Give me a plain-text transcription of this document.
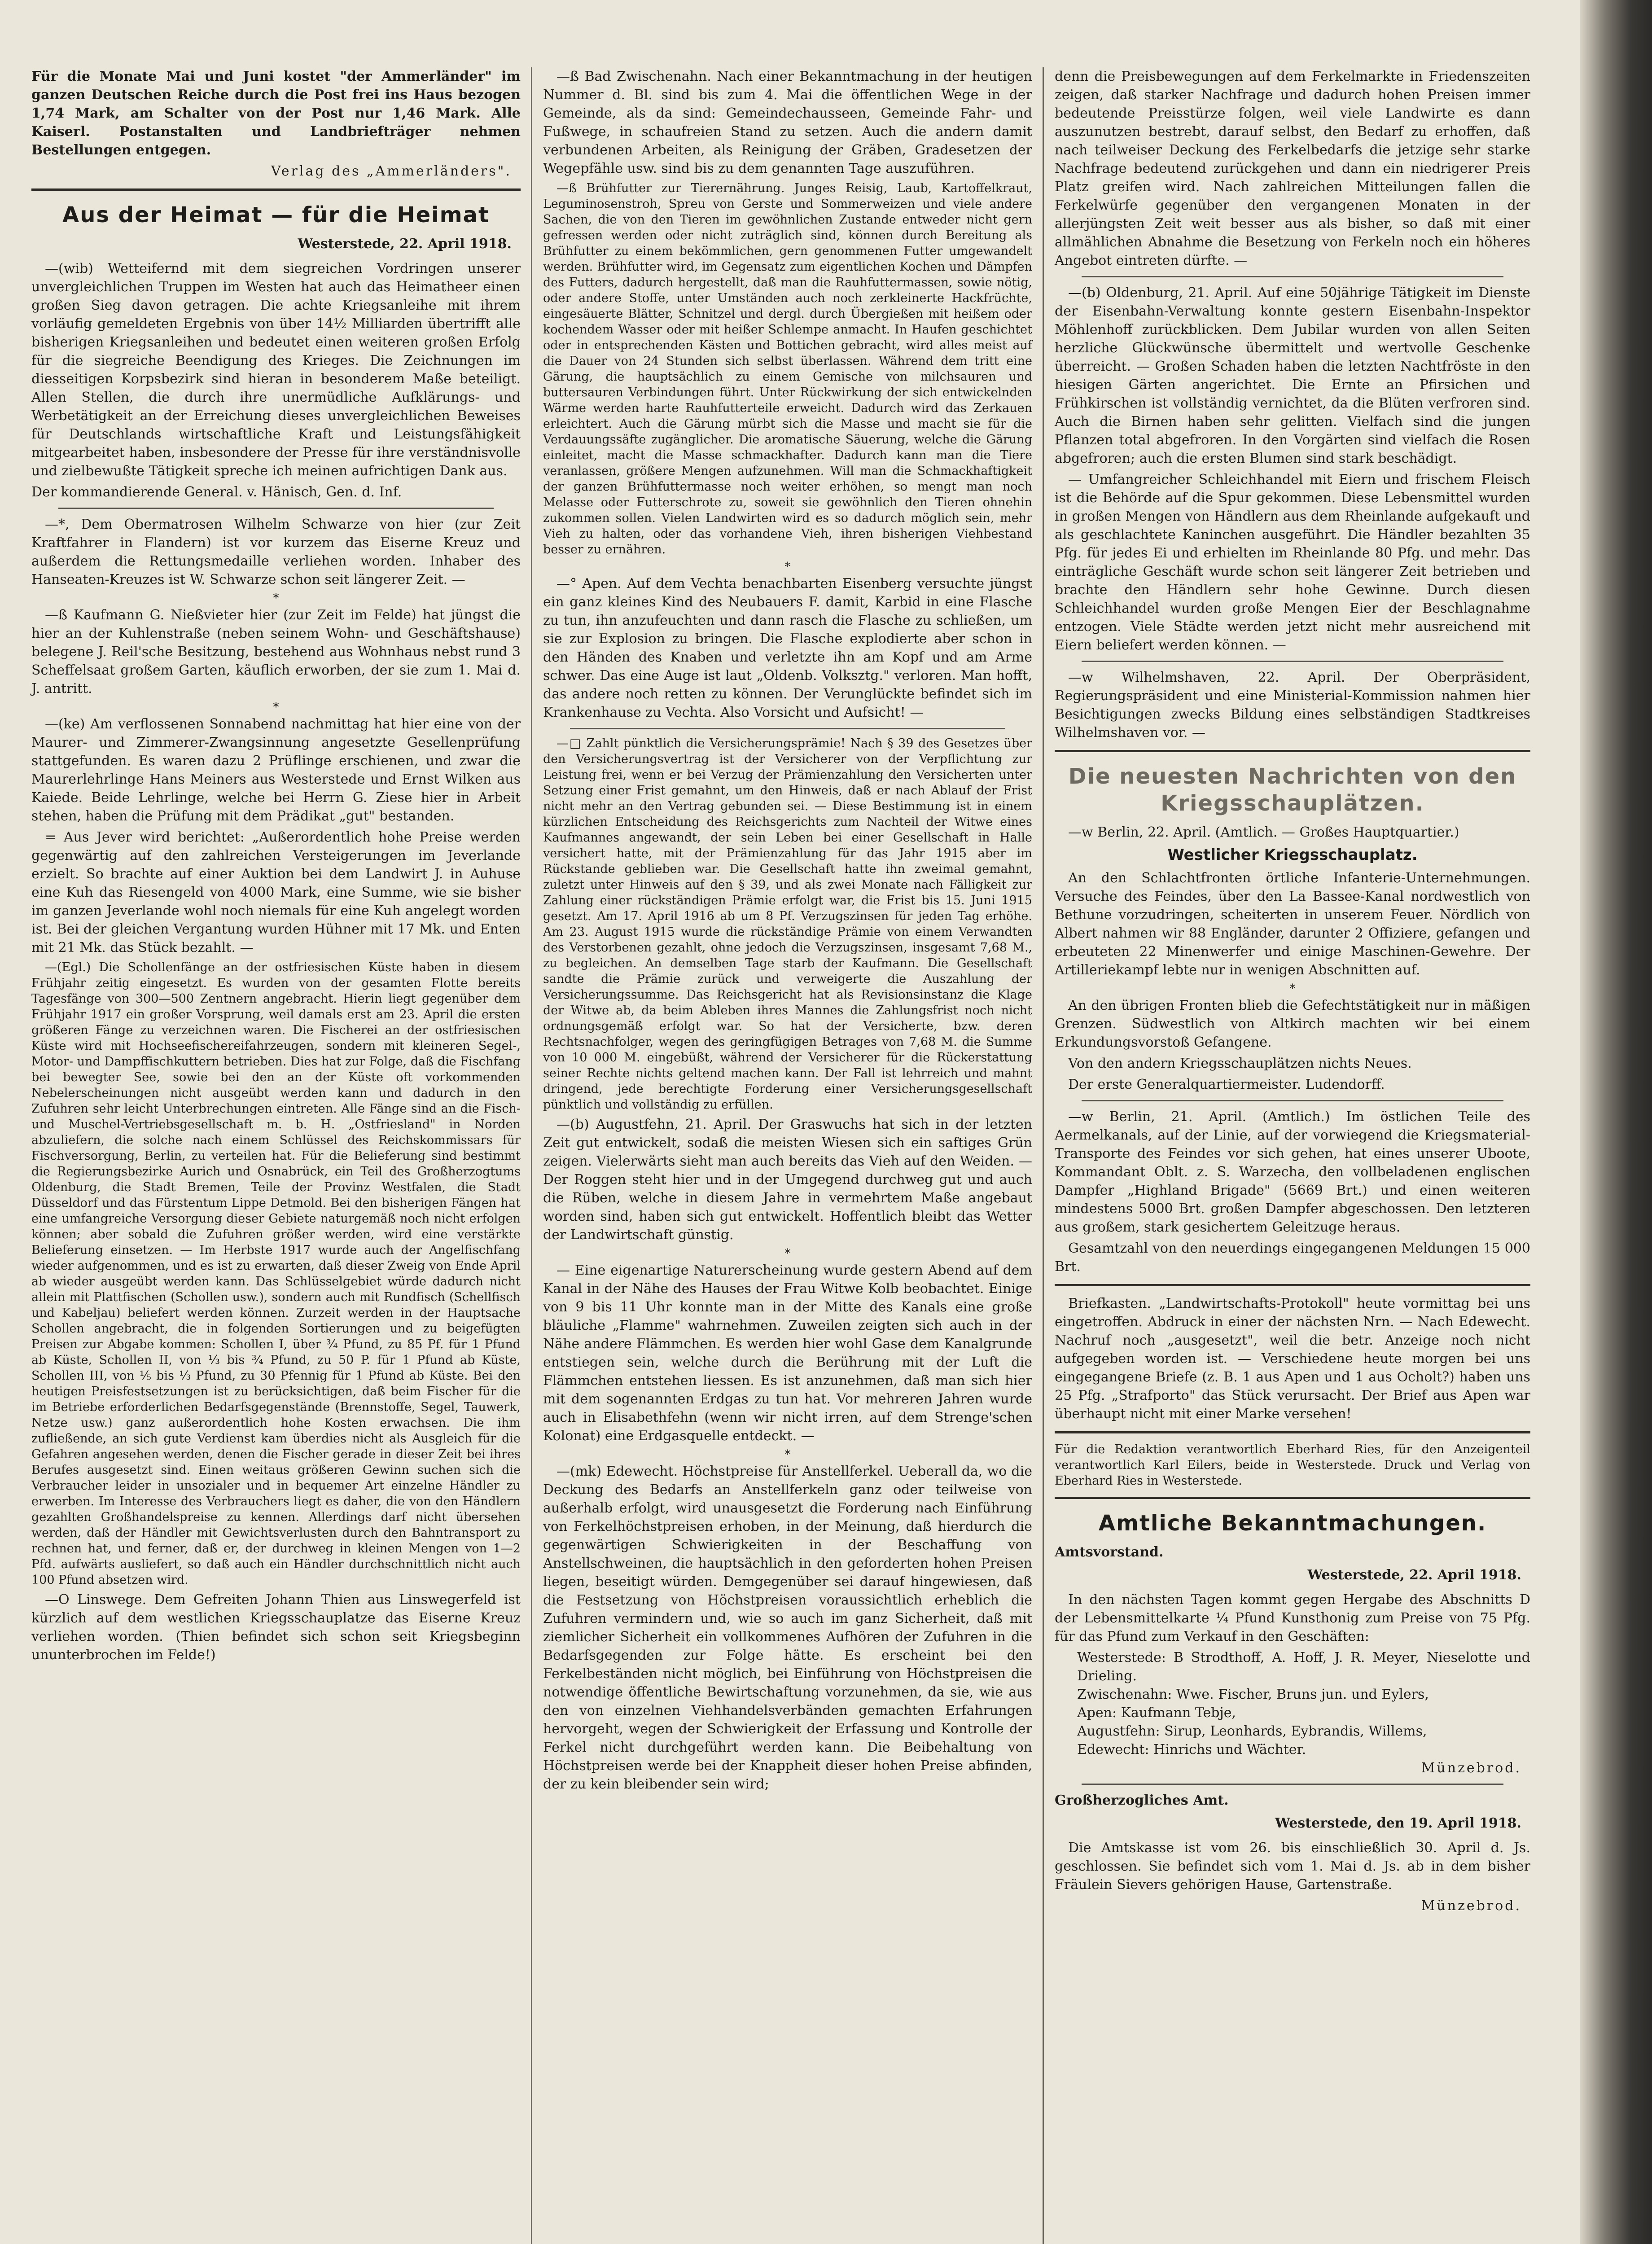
Für die Monate Mai und Juni kostet "der Ammerländer" im ganzen Deutschen Reiche durch die Post frei ins Haus bezogen 1,74 Mark, am Schalter von der Post nur 1,46 Mark. Alle Kaiserl. Postanstalten und Landbriefträger nehmen Bestellungen entgegen.

Verlag des „Ammerländers".

Aus der Heimat — für die Heimat
Westerstede, 22. April 1918.

—(wib) Wetteifernd mit dem siegreichen Vordringen unserer unvergleichlichen Truppen im Westen hat auch das Heimatheer einen großen Sieg davon getragen. Die achte Kriegsanleihe mit ihrem vorläufig gemeldeten Ergebnis von über 14½ Milliarden übertrifft alle bisherigen Kriegsanleihen und bedeutet einen weiteren großen Erfolg für die siegreiche Beendigung des Krieges. Die Zeichnungen im diesseitigen Korpsbezirk sind hieran in besonderem Maße beteiligt. Allen Stellen, die durch ihre unermüdliche Aufklärungs- und Werbetätigkeit an der Erreichung dieses unvergleichlichen Beweises für Deutschlands wirtschaftliche Kraft und Leistungsfähigkeit mitgearbeitet haben, insbesondere der Presse für ihre verständnisvolle und zielbewußte Tätigkeit spreche ich meinen aufrichtigen Dank aus.

Der kommandierende General. v. Hänisch, Gen. d. Inf.

—*, Dem Obermatrosen Wilhelm Schwarze von hier (zur Zeit Kraftfahrer in Flandern) ist vor kurzem das Eiserne Kreuz und außerdem die Rettungsmedaille verliehen worden. Inhaber des Hanseaten-Kreuzes ist W. Schwarze schon seit längerer Zeit. —

*

—ß Kaufmann G. Nießvieter hier (zur Zeit im Felde) hat jüngst die hier an der Kuhlenstraße (neben seinem Wohn- und Geschäftshause) belegene J. Reil'sche Besitzung, bestehend aus Wohnhaus nebst rund 3 Scheffelsaat großem Garten, käuflich erworben, der sie zum 1. Mai d. J. antritt.

*

—(ke) Am verflossenen Sonnabend nachmittag hat hier eine von der Maurer- und Zimmerer-Zwangsinnung angesetzte Gesellenprüfung stattgefunden. Es waren dazu 2 Prüflinge erschienen, und zwar die Maurerlehrlinge Hans Meiners aus Westerstede und Ernst Wilken aus Kaiede. Beide Lehrlinge, welche bei Herrn G. Ziese hier in Arbeit stehen, haben die Prüfung mit dem Prädikat „gut" bestanden.

= Aus Jever wird berichtet: „Außerordentlich hohe Preise werden gegenwärtig auf den zahlreichen Versteigerungen im Jeverlande erzielt. So brachte auf einer Auktion bei dem Landwirt J. in Auhuse eine Kuh das Riesengeld von 4000 Mark, eine Summe, wie sie bisher im ganzen Jeverlande wohl noch niemals für eine Kuh angelegt worden ist. Bei der gleichen Vergantung wurden Hühner mit 17 Mk. und Enten mit 21 Mk. das Stück bezahlt. —

—(Egl.) Die Schollenfänge an der ostfriesischen Küste haben in diesem Frühjahr zeitig eingesetzt. Es wurden von der gesamten Flotte bereits Tagesfänge von 300—500 Zentnern angebracht. Hierin liegt gegenüber dem Frühjahr 1917 ein großer Vorsprung, weil damals erst am 23. April die ersten größeren Fänge zu verzeichnen waren. Die Fischerei an der ostfriesischen Küste wird mit Hochseefischereifahrzeugen, sondern mit kleineren Segel-, Motor- und Dampffischkuttern betrieben. Dies hat zur Folge, daß die Fischfang bei bewegter See, sowie bei den an der Küste oft vorkommenden Nebelerscheinungen nicht ausgeübt werden kann und dadurch in den Zufuhren sehr leicht Unterbrechungen eintreten. Alle Fänge sind an die Fisch- und Muschel-Vertriebsgesellschaft m. b. H. „Ostfriesland" in Norden abzuliefern, die solche nach einem Schlüssel des Reichskommissars für Fischversorgung, Berlin, zu verteilen hat. Für die Belieferung sind bestimmt die Regierungsbezirke Aurich und Osnabrück, ein Teil des Großherzogtums Oldenburg, die Stadt Bremen, Teile der Provinz Westfalen, die Stadt Düsseldorf und das Fürstentum Lippe Detmold. Bei den bisherigen Fängen hat eine umfangreiche Versorgung dieser Gebiete naturgemäß noch nicht erfolgen können; aber sobald die Zufuhren größer werden, wird eine verstärkte Belieferung einsetzen. — Im Herbste 1917 wurde auch der Angelfischfang wieder aufgenommen, und es ist zu erwarten, daß dieser Zweig von Ende April ab wieder ausgeübt werden kann. Das Schlüsselgebiet würde dadurch nicht allein mit Plattfischen (Schollen usw.), sondern auch mit Rundfisch (Schellfisch und Kabeljau) beliefert werden können. Zurzeit werden in der Hauptsache Schollen angebracht, die in folgenden Sortierungen und zu beigefügten Preisen zur Abgabe kommen: Schollen I, über ¾ Pfund, zu 85 Pf. für 1 Pfund ab Küste, Schollen II, von ⅓ bis ¾ Pfund, zu 50 P. für 1 Pfund ab Küste, Schollen III, von ⅕ bis ⅓ Pfund, zu 30 Pfennig für 1 Pfund ab Küste. Bei den heutigen Preisfestsetzungen ist zu berücksichtigen, daß beim Fischer für die im Betriebe erforderlichen Bedarfsgegenstände (Brennstoffe, Segel, Tauwerk, Netze usw.) ganz außerordentlich hohe Kosten erwachsen. Die ihm zufließende, an sich gute Verdienst kam überdies nicht als Ausgleich für die Gefahren angesehen werden, denen die Fischer gerade in dieser Zeit bei ihres Berufes ausgesetzt sind. Einen weitaus größeren Gewinn suchen sich die Verbraucher leider in unsozialer und in bequemer Art einzelne Händler zu erwerben. Im Interesse des Verbrauchers liegt es daher, die von den Händlern gezahlten Großhandelspreise zu kennen. Allerdings darf nicht übersehen werden, daß der Händler mit Gewichtsverlusten durch den Bahntransport zu rechnen hat, und ferner, daß er, der durchweg in kleinen Mengen von 1—2 Pfd. aufwärts ausliefert, so daß auch ein Händler durchschnittlich nicht auch 100 Pfund absetzen wird.

—O Linswege. Dem Gefreiten Johann Thien aus Linswegerfeld ist kürzlich auf dem westlichen Kriegsschauplatze das Eiserne Kreuz verliehen worden. (Thien befindet sich schon seit Kriegsbeginn ununterbrochen im Felde!)

—ß Bad Zwischenahn. Nach einer Bekanntmachung in der heutigen Nummer d. Bl. sind bis zum 4. Mai die öffentlichen Wege in der Gemeinde, als da sind: Gemeindechausseen, Gemeinde Fahr- und Fußwege, in schaufreien Stand zu setzen. Auch die andern damit verbundenen Arbeiten, als Reinigung der Gräben, Gradesetzen der Wegepfähle usw. sind bis zu dem genannten Tage auszuführen.

—ß Brühfutter zur Tierernährung. Junges Reisig, Laub, Kartoffelkraut, Leguminosenstroh, Spreu von Gerste und Sommerweizen und viele andere Sachen, die von den Tieren im gewöhnlichen Zustande entweder nicht gern gefressen werden oder nicht zuträglich sind, können durch Bereitung als Brühfutter zu einem bekömmlichen, gern genommenen Futter umgewandelt werden. Brühfutter wird, im Gegensatz zum eigentlichen Kochen und Dämpfen des Futters, dadurch hergestellt, daß man die Rauhfuttermassen, sowie nötig, oder andere Stoffe, unter Umständen auch noch zerkleinerte Hackfrüchte, eingesäuerte Blätter, Schnitzel und dergl. durch Übergießen mit heißem oder kochendem Wasser oder mit heißer Schlempe anmacht. In Haufen geschichtet oder in entsprechenden Kästen und Bottichen gebracht, wird alles meist auf die Dauer von 24 Stunden sich selbst überlassen. Während dem tritt eine Gärung, die hauptsächlich zu einem Gemische von milchsauren und buttersauren Verbindungen führt. Unter Rückwirkung der sich entwickelnden Wärme werden harte Rauhfutterteile erweicht. Dadurch wird das Zerkauen erleichtert. Auch die Gärung mürbt sich die Masse und macht sie für die Verdauungssäfte zugänglicher. Die aromatische Säuerung, welche die Gärung einleitet, macht die Masse schmackhafter. Dadurch kann man die Tiere veranlassen, größere Mengen aufzunehmen. Will man die Schmackhaftigkeit der ganzen Brühfuttermasse noch weiter erhöhen, so mengt man noch Melasse oder Futterschrote zu, soweit sie gewöhnlich den Tieren ohnehin zukommen sollen. Vielen Landwirten wird es so dadurch möglich sein, mehr Vieh zu halten, oder das vorhandene Vieh, ihren bisherigen Viehbestand besser zu ernähren.

*

—° Apen. Auf dem Vechta benachbarten Eisenberg versuchte jüngst ein ganz kleines Kind des Neubauers F. damit, Karbid in eine Flasche zu tun, ihn anzufeuchten und dann rasch die Flasche zu schließen, um sie zur Explosion zu bringen. Die Flasche explodierte aber schon in den Händen des Knaben und verletzte ihn am Kopf und am Arme schwer. Das eine Auge ist laut „Oldenb. Volksztg." verloren. Man hofft, das andere noch retten zu können. Der Verunglückte befindet sich im Krankenhause zu Vechta. Also Vorsicht und Aufsicht! —

—□ Zahlt pünktlich die Versicherungsprämie! Nach § 39 des Gesetzes über den Versicherungsvertrag ist der Versicherer von der Verpflichtung zur Leistung frei, wenn er bei Verzug der Prämienzahlung den Versicherten unter Setzung einer Frist gemahnt, um den Hinweis, daß er nach Ablauf der Frist nicht mehr an den Vertrag gebunden sei. — Diese Bestimmung ist in einem kürzlichen Entscheidung des Reichsgerichts zum Nachteil der Witwe eines Kaufmannes angewandt, der sein Leben bei einer Gesellschaft in Halle versichert hatte, mit der Prämienzahlung für das Jahr 1915 aber im Rückstande geblieben war. Die Gesellschaft hatte ihn zweimal gemahnt, zuletzt unter Hinweis auf den § 39, und als zwei Monate nach Fälligkeit zur Zahlung einer rückständigen Prämie erfolgt war, die Frist bis 15. Juni 1915 gesetzt. Am 17. April 1916 ab um 8 Pf. Verzugszinsen für jeden Tag erhöhe. Am 23. August 1915 wurde die rückständige Prämie von einem Verwandten des Verstorbenen gezahlt, ohne jedoch die Verzugszinsen, insgesamt 7,68 M., zu begleichen. An demselben Tage starb der Kaufmann. Die Gesellschaft sandte die Prämie zurück und verweigerte die Auszahlung der Versicherungssumme. Das Reichsgericht hat als Revisionsinstanz die Klage der Witwe ab, da beim Ableben ihres Mannes die Zahlungsfrist noch nicht ordnungsgemäß erfolgt war. So hat der Versicherte, bzw. deren Rechtsnachfolger, wegen des geringfügigen Betrages von 7,68 M. die Summe von 10 000 M. eingebüßt, während der Versicherer für die Rückerstattung seiner Rechte nichts geltend machen kann. Der Fall ist lehrreich und mahnt dringend, jede berechtigte Forderung einer Versicherungsgesellschaft pünktlich und vollständig zu erfüllen.

—(b) Augustfehn, 21. April. Der Graswuchs hat sich in der letzten Zeit gut entwickelt, sodaß die meisten Wiesen sich ein saftiges Grün zeigen. Vielerwärts sieht man auch bereits das Vieh auf den Weiden. — Der Roggen steht hier und in der Umgegend durchweg gut und auch die Rüben, welche in diesem Jahre in vermehrtem Maße angebaut worden sind, haben sich gut entwickelt. Hoffentlich bleibt das Wetter der Landwirtschaft günstig.

*

— Eine eigenartige Naturerscheinung wurde gestern Abend auf dem Kanal in der Nähe des Hauses der Frau Witwe Kolb beobachtet. Einige von 9 bis 11 Uhr konnte man in der Mitte des Kanals eine große bläuliche „Flamme" wahrnehmen. Zuweilen zeigten sich auch in der Nähe andere Flämmchen. Es werden hier wohl Gase dem Kanalgrunde entstiegen sein, welche durch die Berührung mit der Luft die Flämmchen entstehen liessen. Es ist anzunehmen, daß man sich hier mit dem sogenannten Erdgas zu tun hat. Vor mehreren Jahren wurde auch in Elisabethfehn (wenn wir nicht irren, auf dem Strenge'schen Kolonat) eine Erdgasquelle entdeckt. —

*

—(mk) Edewecht. Höchstpreise für Anstellferkel. Ueberall da, wo die Deckung des Bedarfs an Anstellferkeln ganz oder teilweise von außerhalb erfolgt, wird unausgesetzt die Forderung nach Einführung von Ferkelhöchstpreisen erhoben, in der Meinung, daß hierdurch die gegenwärtigen Schwierigkeiten in der Beschaffung von Anstellschweinen, die hauptsächlich in den geforderten hohen Preisen liegen, beseitigt würden. Demgegenüber sei darauf hingewiesen, daß die Festsetzung von Höchstpreisen voraussichtlich erheblich die Zufuhren vermindern und, wie so auch im ganz Sicherheit, daß mit ziemlicher Sicherheit ein vollkommenes Aufhören der Zufuhren in die Bedarfsgegenden zur Folge hätte. Es erscheint bei den Ferkelbeständen nicht möglich, bei Einführung von Höchstpreisen die notwendige öffentliche Bewirtschaftung vorzunehmen, da sie, wie aus den von einzelnen Viehhandelsverbänden gemachten Erfahrungen hervorgeht, wegen der Schwierigkeit der Erfassung und Kontrolle der Ferkel nicht durchgeführt werden kann. Die Beibehaltung von Höchstpreisen werde bei der Knappheit dieser hohen Preise abfinden, der zu kein bleibender sein wird;

denn die Preisbewegungen auf dem Ferkelmarkte in Friedenszeiten zeigen, daß starker Nachfrage und dadurch hohen Preisen immer bedeutende Preisstürze folgen, weil viele Landwirte es dann auszunutzen bestrebt, darauf selbst, den Bedarf zu erhoffen, daß nach teilweiser Deckung des Ferkelbedarfs die jetzige sehr starke Nachfrage bedeutend zurückgehen und dann ein niedrigerer Preis Platz greifen wird. Nach zahlreichen Mitteilungen fallen die Ferkelwürfe gegenüber den vergangenen Monaten in der allerjüngsten Zeit weit besser aus als bisher, so daß mit einer allmählichen Abnahme die Besetzung von Ferkeln noch ein höheres Angebot eintreten dürfte. —

—(b) Oldenburg, 21. April. Auf eine 50jährige Tätigkeit im Dienste der Eisenbahn-Verwaltung konnte gestern Eisenbahn-Inspektor Möhlenhoff zurückblicken. Dem Jubilar wurden von allen Seiten herzliche Glückwünsche übermittelt und wertvolle Geschenke überreicht. — Großen Schaden haben die letzten Nachtfröste in den hiesigen Gärten angerichtet. Die Ernte an Pfirsichen und Frühkirschen ist vollständig vernichtet, da die Blüten verfroren sind. Auch die Birnen haben sehr gelitten. Vielfach sind die jungen Pflanzen total abgefroren. In den Vorgärten sind vielfach die Rosen abgefroren; auch die ersten Blumen sind stark beschädigt.

— Umfangreicher Schleichhandel mit Eiern und frischem Fleisch ist die Behörde auf die Spur gekommen. Diese Lebensmittel wurden in großen Mengen von Händlern aus dem Rheinlande aufgekauft und als geschlachtete Kaninchen ausgeführt. Die Händler bezahlten 35 Pfg. für jedes Ei und erhielten im Rheinlande 80 Pfg. und mehr. Das einträgliche Geschäft wurde schon seit längerer Zeit betrieben und brachte den Händlern sehr hohe Gewinne. Durch diesen Schleichhandel wurden große Mengen Eier der Beschlagnahme entzogen. Viele Städte werden jetzt nicht mehr ausreichend mit Eiern beliefert werden können. —

—w Wilhelmshaven, 22. April. Der Oberpräsident, Regierungspräsident und eine Ministerial-Kommission nahmen hier Besichtigungen zwecks Bildung eines selbständigen Stadtkreises Wilhelmshaven vor. —

Die neuesten Nachrichten von den Kriegsschauplätzen.

—w Berlin, 22. April. (Amtlich. — Großes Hauptquartier.)

Westlicher Kriegsschauplatz.

An den Schlachtfronten örtliche Infanterie-Unternehmungen. Versuche des Feindes, über den La Bassee-Kanal nordwestlich von Bethune vorzudringen, scheiterten in unserem Feuer. Nördlich von Albert nahmen wir 88 Engländer, darunter 2 Offiziere, gefangen und erbeuteten 22 Minenwerfer und einige Maschinen-Gewehre. Der Artilleriekampf lebte nur in wenigen Abschnitten auf.

*

An den übrigen Fronten blieb die Gefechtstätigkeit nur in mäßigen Grenzen. Südwestlich von Altkirch machten wir bei einem Erkundungsvorstoß Gefangene.

Von den andern Kriegsschauplätzen nichts Neues.

Der erste Generalquartiermeister. Ludendorff.

—w Berlin, 21. April. (Amtlich.) Im östlichen Teile des Aermelkanals, auf der Linie, auf der vorwiegend die Kriegsmaterial-Transporte des Feindes vor sich gehen, hat eines unserer Uboote, Kommandant Oblt. z. S. Warzecha, den vollbeladenen englischen Dampfer „Highland Brigade" (5669 Brt.) und einen weiteren mindestens 5000 Brt. großen Dampfer abgeschossen. Den letzteren aus großem, stark gesichertem Geleitzuge heraus.

Gesamtzahl von den neuerdings eingegangenen Meldungen 15 000 Brt.

Briefkasten. „Landwirtschafts-Protokoll" heute vormittag bei uns eingetroffen. Abdruck in einer der nächsten Nrn. — Nach Edewecht. Nachruf noch „ausgesetzt", weil die betr. Anzeige noch nicht aufgegeben worden ist. — Verschiedene heute morgen bei uns eingegangene Briefe (z. B. 1 aus Apen und 1 aus Ocholt?) haben uns 25 Pfg. „Strafporto" das Stück verursacht. Der Brief aus Apen war überhaupt nicht mit einer Marke versehen!

Für die Redaktion verantwortlich Eberhard Ries, für den Anzeigenteil verantwortlich Karl Eilers, beide in Westerstede. Druck und Verlag von Eberhard Ries in Westerstede.

Amtliche Bekanntmachungen.

Amtsvorstand.

Westerstede, 22. April 1918.

In den nächsten Tagen kommt gegen Hergabe des Abschnitts D der Lebensmittelkarte ¼ Pfund Kunsthonig zum Preise von 75 Pfg. für das Pfund zum Verkauf in den Geschäften:

Westerstede: B Strodthoff, A. Hoff, J. R. Meyer, Nieselotte und Drieling.

Zwischenahn: Wwe. Fischer, Bruns jun. und Eylers,

Apen: Kaufmann Tebje,

Augustfehn: Sirup, Leonhards, Eybrandis, Willems,

Edewecht: Hinrichs und Wächter.

Münzebrod.

Großherzogliches Amt.

Westerstede, den 19. April 1918.

Die Amtskasse ist vom 26. bis einschließlich 30. April d. Js. geschlossen. Sie befindet sich vom 1. Mai d. Js. ab in dem bisher Fräulein Sievers gehörigen Hause, Gartenstraße.

Münzebrod.
